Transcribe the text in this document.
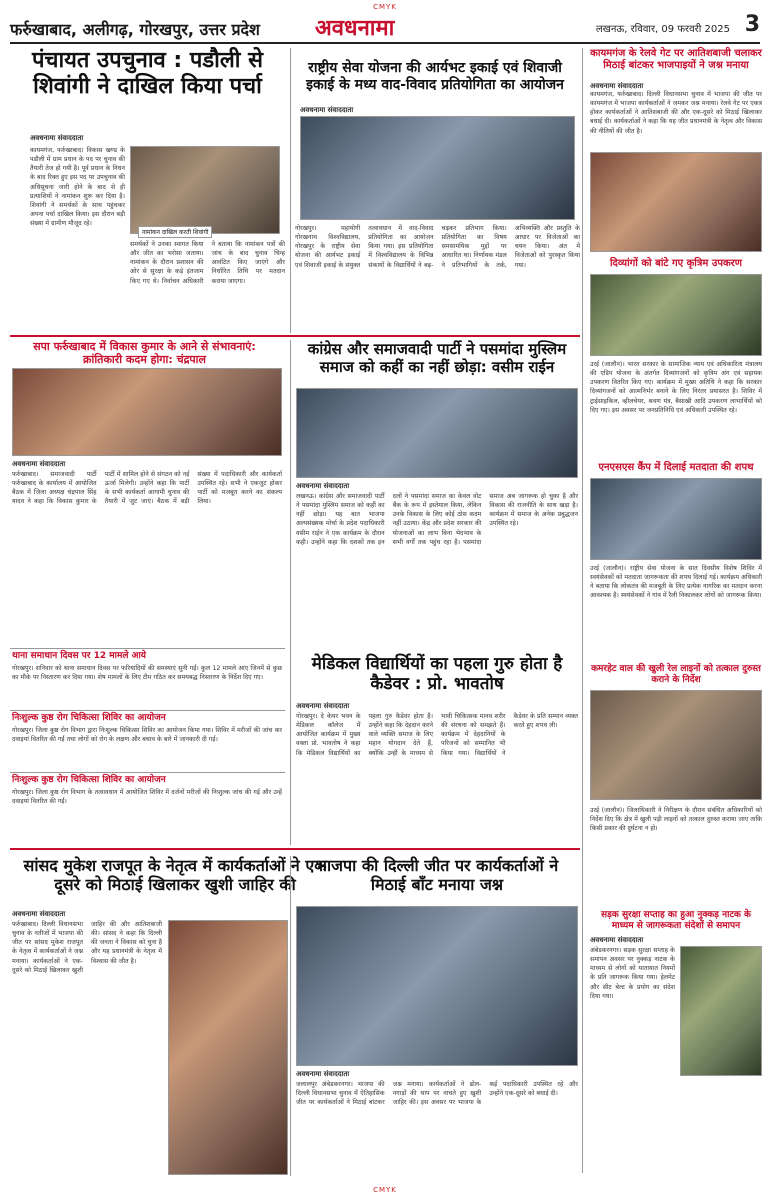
CMYK
फर्रुखाबाद, अलीगढ़, गोरखपुर, उत्तर प्रदेश	अवधनामा	लखनऊ, रविवार, 09 फरवरी 2025 3
पंचायत उपचुनाव : पडौली से शिवांगी ने दाखिल किया पर्चा
अवधनामा संवाददाता
कायमगंज, फर्रुखाबाद। विकास खण्ड के पडौली में ग्राम प्रधान के पद पर चुनाव की तैयारी तेज हो गयी है। पूर्व प्रधान के निधन के बाद रिक्त हुए इस पद पर उपचुनाव की अधिसूचना जारी होने के बाद से ही प्रत्याशियों ने नामांकन शुरू कर दिया है। शिवांगी ने समर्थकों के साथ पहुंचकर अपना पर्चा दाखिल किया। इस दौरान बड़ी संख्या में ग्रामीण मौजूद रहे।
नामांकन दाखिल करती शिवांगी
समर्थकों ने उनका स्वागत किया और जीत का भरोसा जताया। नामांकन के दौरान प्रशासन की ओर से सुरक्षा के कड़े इंतजाम किए गए थे। निर्वाचन अधिकारी ने बताया कि नामांकन पत्रों की जांच के बाद चुनाव चिन्ह आवंटित किए जाएंगे और निर्धारित तिथि पर मतदान कराया जाएगा।
राष्ट्रीय सेवा योजना की आर्यभट इकाई एवं शिवाजी इकाई के मध्य वाद-विवाद प्रतियोगिता का आयोजन
अवधनामा संवाददाता
गोरखपुर। महायोगी गोरखनाथ विश्वविद्यालय, गोरखपुर के राष्ट्रीय सेवा योजना की आर्यभट इकाई एवं शिवाजी इकाई के संयुक्त तत्वावधान में वाद-विवाद प्रतियोगिता का आयोजन किया गया। इस प्रतियोगिता में विश्वविद्यालय के विभिन्न संकायों के विद्यार्थियों ने बढ़-चढ़कर प्रतिभाग किया। प्रतियोगिता का विषय समसामयिक मुद्दों पर आधारित था। निर्णायक मंडल ने प्रतिभागियों के तर्क, अभिव्यक्ति और प्रस्तुति के आधार पर विजेताओं का चयन किया। अंत में विजेताओं को पुरस्कृत किया गया।
कायमगंज के रेलवे गेट पर आतिशबाजी चलाकर मिठाई बांटकर भाजपाइयों ने जश्न मनाया
अवधनामा संवाददाता
कायमगंज, फर्रुखाबाद। दिल्ली विधानसभा चुनाव में भाजपा की जीत पर कायमगंज में भाजपा कार्यकर्ताओं ने जमकर जश्न मनाया। रेलवे गेट पर एकत्र होकर कार्यकर्ताओं ने आतिशबाजी की और एक-दूसरे को मिठाई खिलाकर बधाई दी। कार्यकर्ताओं ने कहा कि यह जीत प्रधानमंत्री के नेतृत्व और विकास की नीतियों की जीत है।
दिव्यांगों को बांटे गए कृत्रिम उपकरण
उरई (जालौन)। भारत सरकार के सामाजिक न्याय एवं अधिकारिता मंत्रालय की एडिप योजना के अंतर्गत दिव्यांगजनों को कृत्रिम अंग एवं सहायक उपकरण वितरित किए गए। कार्यक्रम में मुख्य अतिथि ने कहा कि सरकार दिव्यांगजनों को आत्मनिर्भर बनाने के लिए निरंतर प्रयासरत है। शिविर में ट्राईसाइकिल, व्हीलचेयर, श्रवण यंत्र, बैसाखी आदि उपकरण लाभार्थियों को दिए गए। इस अवसर पर जनप्रतिनिधि एवं अधिकारी उपस्थित रहे।
एनएसएस कैंप में दिलाई मतदाता की शपथ
उरई (जालौन)। राष्ट्रीय सेवा योजना के सात दिवसीय विशेष शिविर में स्वयंसेवकों को मतदाता जागरूकता की शपथ दिलाई गई। कार्यक्रम अधिकारी ने बताया कि लोकतंत्र की मजबूती के लिए प्रत्येक नागरिक का मतदान करना आवश्यक है। स्वयंसेवकों ने गांव में रैली निकालकर लोगों को जागरूक किया।
कमरहेट वाल की खुली रेल लाइनों को तत्काल दुरुस्त कराने के निर्देश
उरई (जालौन)। जिलाधिकारी ने निरीक्षण के दौरान संबंधित अधिकारियों को निर्देश दिए कि क्षेत्र में खुली पड़ी लाइनों को तत्काल दुरुस्त कराया जाए ताकि किसी प्रकार की दुर्घटना न हो।
सड़क सुरक्षा सप्ताह का हुआ नुक्कड़ नाटक के माध्यम से जागरूकता संदेशों से समापन
अवधनामा संवाददाता
अंबेडकरनगर। सड़क सुरक्षा सप्ताह के समापन अवसर पर नुक्कड़ नाटक के माध्यम से लोगों को यातायात नियमों के प्रति जागरूक किया गया। हेलमेट और सीट बेल्ट के प्रयोग का संदेश दिया गया।
सपा फर्रुखाबाद में विकास कुमार के आने से संभावनाएं: क्रांतिकारी कदम होगा: चंद्रपाल
अवधनामा संवाददाता
फर्रुखाबाद। समाजवादी पार्टी फर्रुखाबाद के कार्यालय में आयोजित बैठक में जिला अध्यक्ष चंद्रपाल सिंह यादव ने कहा कि विकास कुमार के पार्टी में शामिल होने से संगठन को नई ऊर्जा मिलेगी। उन्होंने कहा कि पार्टी के सभी कार्यकर्ता आगामी चुनाव की तैयारी में जुट जाएं। बैठक में बड़ी संख्या में पदाधिकारी और कार्यकर्ता उपस्थित रहे। सभी ने एकजुट होकर पार्टी को मजबूत करने का संकल्प लिया।
कांग्रेस और समाजवादी पार्टी ने पसमांदा मुस्लिम समाज को कहीं का नहीं छोड़ा: वसीम राईन
अवधनामा संवाददाता
लखनऊ। कांग्रेस और समाजवादी पार्टी ने पसमांदा मुस्लिम समाज को कहीं का नहीं छोड़ा। यह बात भाजपा अल्पसंख्यक मोर्चा के प्रदेश पदाधिकारी वसीम राईन ने एक कार्यक्रम के दौरान कही। उन्होंने कहा कि दशकों तक इन दलों ने पसमांदा समाज का केवल वोट बैंक के रूप में इस्तेमाल किया, लेकिन उनके विकास के लिए कोई ठोस कदम नहीं उठाया। केंद्र और प्रदेश सरकार की योजनाओं का लाभ बिना भेदभाव के सभी वर्गों तक पहुंच रहा है। पसमांदा समाज अब जागरूक हो चुका है और विकास की राजनीति के साथ खड़ा है। कार्यक्रम में समाज के अनेक प्रबुद्धजन उपस्थित रहे।
थाना समाधान दिवस पर 12 मामले आये
गोरखपुर। शनिवार को थाना समाधान दिवस पर फरियादियों की समस्याएं सुनी गईं। कुल 12 मामले आए जिनमें से कुछ का मौके पर निस्तारण कर दिया गया। शेष मामलों के लिए टीम गठित कर समयबद्ध निस्तारण के निर्देश दिए गए।
निःशुल्क कुष्ठ रोग चिकित्सा शिविर का आयोजन
गोरखपुर। जिला कुष्ठ रोग विभाग द्वारा निःशुल्क चिकित्सा शिविर का आयोजन किया गया। शिविर में मरीजों की जांच कर दवाइयां वितरित की गईं तथा लोगों को रोग के लक्षण और बचाव के बारे में जानकारी दी गई।
निःशुल्क कुष्ठ रोग चिकित्सा शिविर का आयोजन
गोरखपुर। जिला कुष्ठ रोग विभाग के तत्वावधान में आयोजित शिविर में दर्जनों मरीजों की निःशुल्क जांच की गई और उन्हें दवाइयां वितरित की गईं।
मेडिकल विद्यार्थियों का पहला गुरु होता है कैडेवर : प्रो. भावतोष
अवधनामा संवाददाता
गोरखपुर। दे केयर भवन के मेडिकल कॉलेज में आयोजित कार्यक्रम में मुख्य वक्ता प्रो. भावतोष ने कहा कि मेडिकल विद्यार्थियों का पहला गुरु कैडेवर होता है। उन्होंने कहा कि देहदान करने वाले व्यक्ति समाज के लिए महान योगदान देते हैं, क्योंकि उन्हीं के माध्यम से भावी चिकित्सक मानव शरीर की संरचना को समझते हैं। कार्यक्रम में देहदानियों के परिजनों को सम्मानित भी किया गया। विद्यार्थियों ने कैडेवर के प्रति सम्मान व्यक्त करते हुए शपथ ली।
सांसद मुकेश राजपूत के नेतृत्व में कार्यकर्ताओं ने एक दूसरे को मिठाई खिलाकर खुशी जाहिर की
अवधनामा संवाददाता
फर्रुखाबाद। दिल्ली विधानसभा चुनाव के नतीजों में भाजपा की जीत पर सांसद मुकेश राजपूत के नेतृत्व में कार्यकर्ताओं ने जश्न मनाया। कार्यकर्ताओं ने एक-दूसरे को मिठाई खिलाकर खुशी जाहिर की और आतिशबाजी की। सांसद ने कहा कि दिल्ली की जनता ने विकास को चुना है और यह प्रधानमंत्री के नेतृत्व में विश्वास की जीत है।
भाजपा की दिल्ली जीत पर कार्यकर्ताओं ने मिठाई बाँट मनाया जश्न
अवधनामा संवाददाता
जलालपुर अंबेडकरनगर। भाजपा की दिल्ली विधानसभा चुनाव में ऐतिहासिक जीत पर कार्यकर्ताओं ने मिठाई बांटकर जश्न मनाया। कार्यकर्ताओं ने ढोल-नगाड़ों की थाप पर नाचते हुए खुशी जाहिर की। इस अवसर पर भाजपा के कई पदाधिकारी उपस्थित रहे और उन्होंने एक-दूसरे को बधाई दी।
CMYK
